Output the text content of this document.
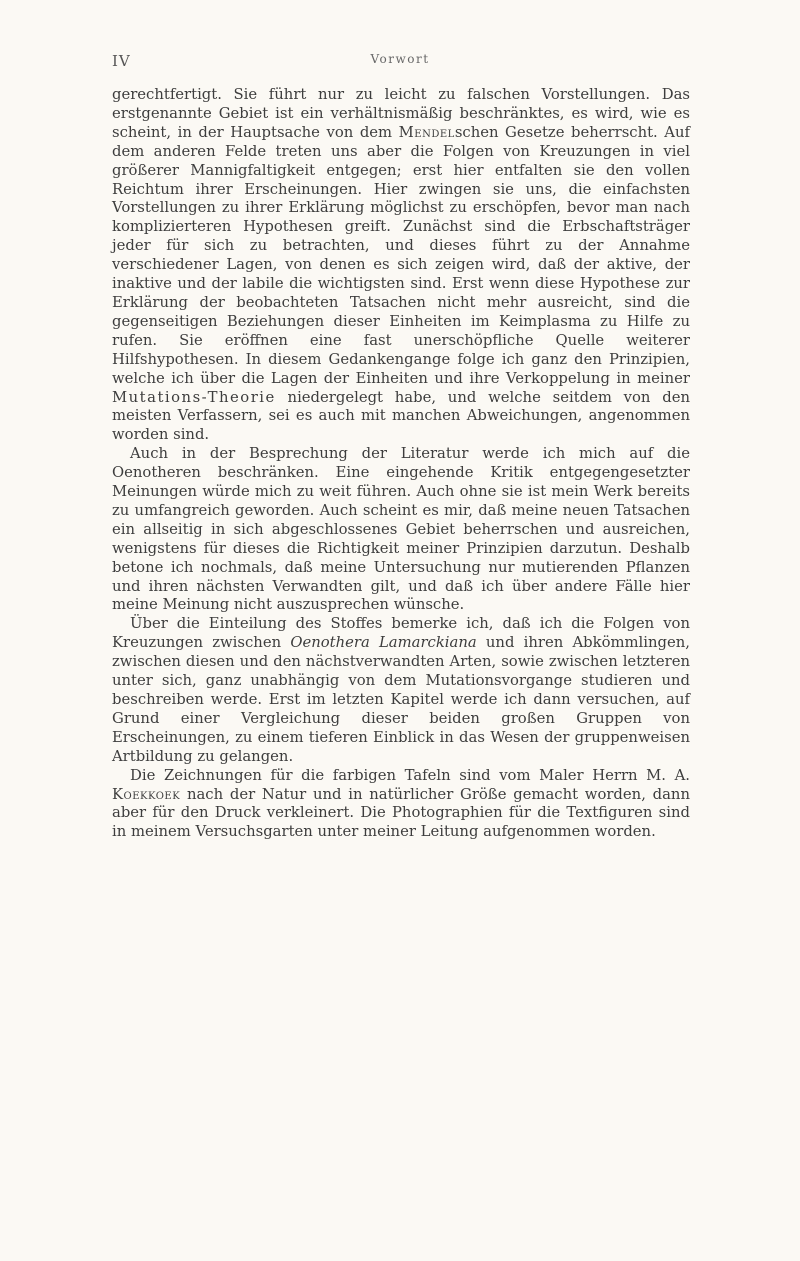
IV	Vorwort

gerechtfertigt. Sie führt nur zu leicht zu falschen Vorstellungen. Das erstgenannte Gebiet ist ein verhältnismäßig beschränktes, es wird, wie es scheint, in der Hauptsache von dem Mendelschen Gesetze beherrscht. Auf dem anderen Felde treten uns aber die Folgen von Kreuzungen in viel größerer Mannigfaltigkeit entgegen; erst hier entfalten sie den vollen Reichtum ihrer Erscheinungen. Hier zwingen sie uns, die einfachsten Vorstellungen zu ihrer Erklärung möglichst zu erschöpfen, bevor man nach komplizierteren Hypothesen greift. Zunächst sind die Erbschaftsträger jeder für sich zu betrachten, und dieses führt zu der Annahme verschiedener Lagen, von denen es sich zeigen wird, daß der aktive, der inaktive und der labile die wichtigsten sind. Erst wenn diese Hypothese zur Erklärung der beobachteten Tatsachen nicht mehr ausreicht, sind die gegenseitigen Beziehungen dieser Einheiten im Keimplasma zu Hilfe zu rufen. Sie eröffnen eine fast unerschöpfliche Quelle weiterer Hilfshypothesen. In diesem Gedankengange folge ich ganz den Prinzipien, welche ich über die Lagen der Einheiten und ihre Verkoppelung in meiner Mutations-Theorie niedergelegt habe, und welche seitdem von den meisten Verfassern, sei es auch mit manchen Abweichungen, angenommen worden sind.

Auch in der Besprechung der Literatur werde ich mich auf die Oenotheren beschränken. Eine eingehende Kritik entgegengesetzter Meinungen würde mich zu weit führen. Auch ohne sie ist mein Werk bereits zu umfangreich geworden. Auch scheint es mir, daß meine neuen Tatsachen ein allseitig in sich abgeschlossenes Gebiet beherrschen und ausreichen, wenigstens für dieses die Richtigkeit meiner Prinzipien darzutun. Deshalb betone ich nochmals, daß meine Untersuchung nur mutierenden Pflanzen und ihren nächsten Verwandten gilt, und daß ich über andere Fälle hier meine Meinung nicht auszusprechen wünsche.

Über die Einteilung des Stoffes bemerke ich, daß ich die Folgen von Kreuzungen zwischen Oenothera Lamarckiana und ihren Abkömmlingen, zwischen diesen und den nächstverwandten Arten, sowie zwischen letzteren unter sich, ganz unabhängig von dem Mutationsvorgange studieren und beschreiben werde. Erst im letzten Kapitel werde ich dann versuchen, auf Grund einer Vergleichung dieser beiden großen Gruppen von Erscheinungen, zu einem tieferen Einblick in das Wesen der gruppenweisen Artbildung zu gelangen.

Die Zeichnungen für die farbigen Tafeln sind vom Maler Herrn M. A. Koekkoek nach der Natur und in natürlicher Größe gemacht worden, dann aber für den Druck verkleinert. Die Photographien für die Textfiguren sind in meinem Versuchsgarten unter meiner Leitung aufgenommen worden.
